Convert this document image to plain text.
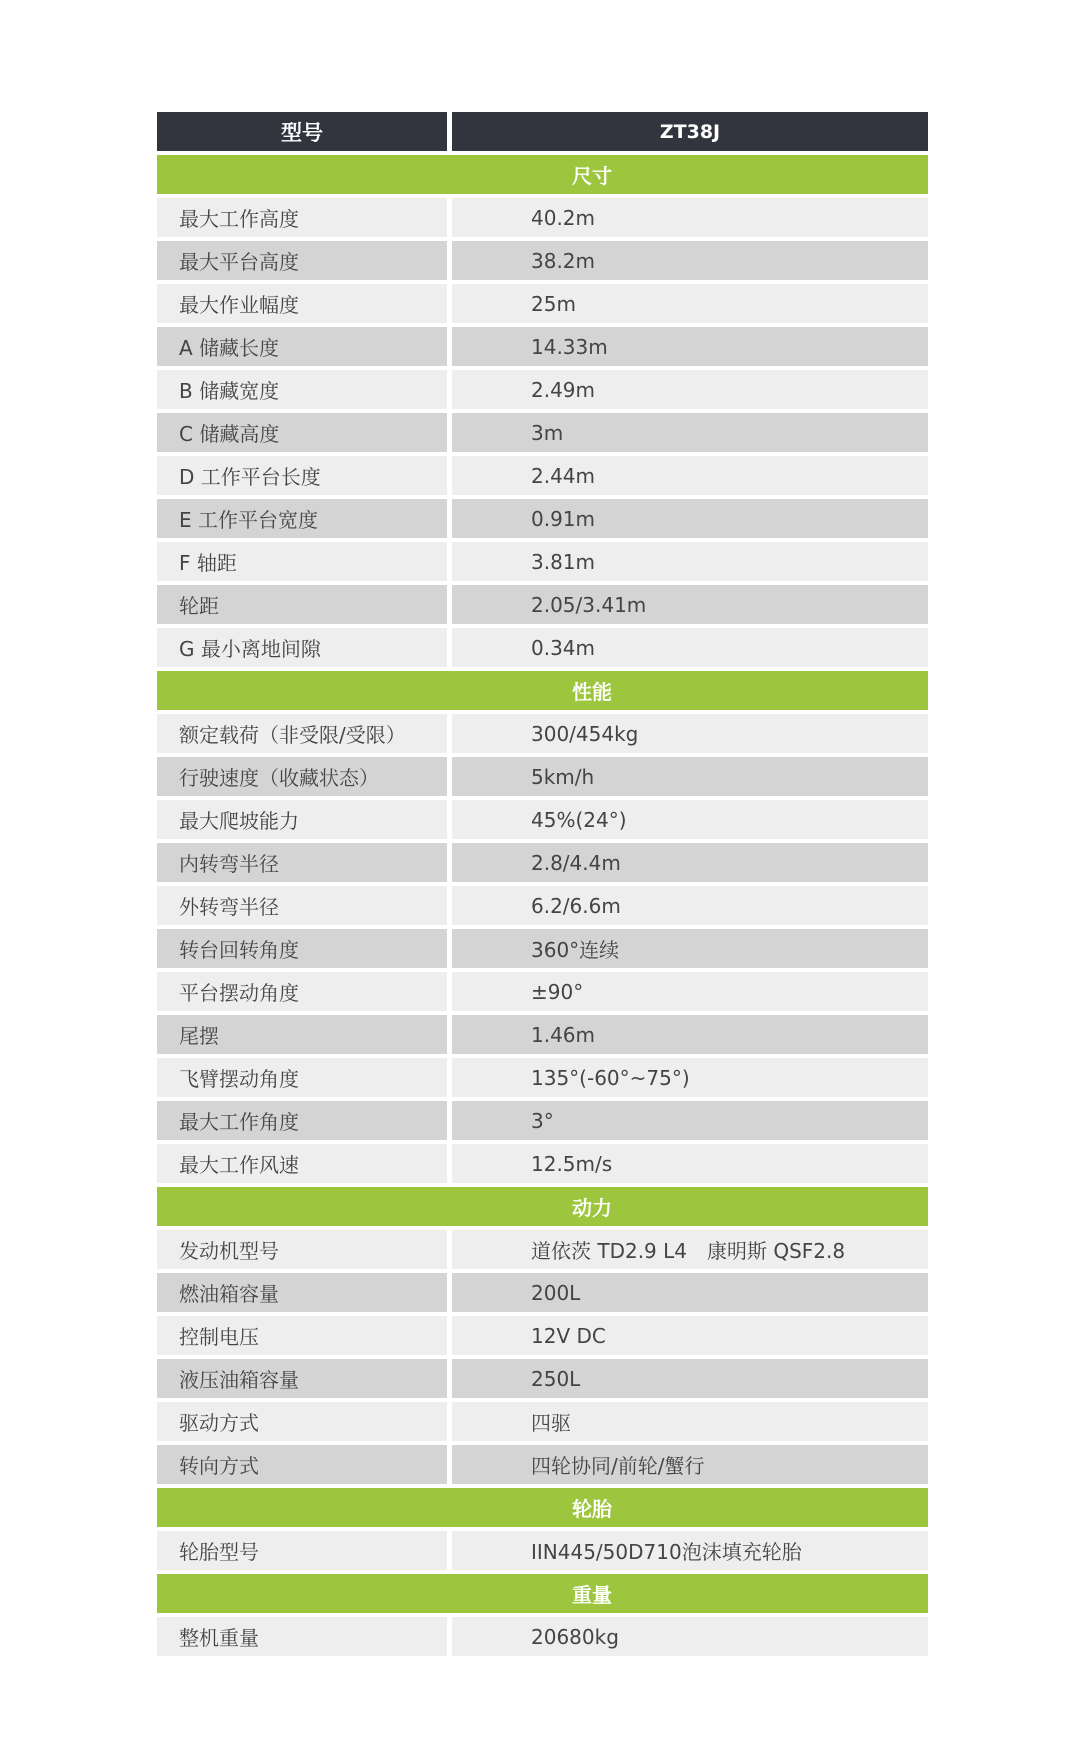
型号	ZT38J
尺寸
最大工作高度	40.2m
最大平台高度	38.2m
最大作业幅度	25m
A 储藏长度	14.33m
B 储藏宽度	2.49m
C 储藏高度	3m
D 工作平台长度	2.44m
E 工作平台宽度	0.91m
F 轴距	3.81m
轮距	2.05/3.41m
G 最小离地间隙	0.34m
性能
额定载荷（非受限/受限）	300/454kg
行驶速度（收藏状态）	5km/h
最大爬坡能力	45%(24°)
内转弯半径	2.8/4.4m
外转弯半径	6.2/6.6m
转台回转角度	360°连续
平台摆动角度	±90°
尾摆	1.46m
飞臂摆动角度	135°(-60°~75°)
最大工作角度	3°
最大工作风速	12.5m/s
动力
发动机型号	道依茨 TD2.9 L4　康明斯 QSF2.8
燃油箱容量	200L
控制电压	12V DC
液压油箱容量	250L
驱动方式	四驱
转向方式	四轮协同/前轮/蟹行
轮胎
轮胎型号	IIN445/50D710泡沫填充轮胎
重量
整机重量	20680kg
